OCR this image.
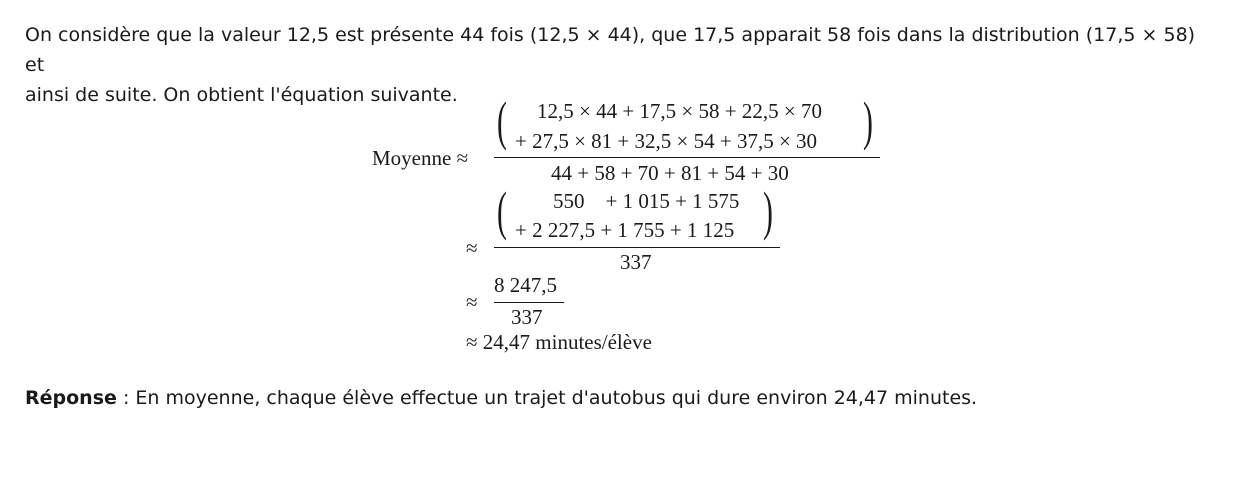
On considère que la valeur 12,5 est présente 44 fois (12,5 × 44), que 17,5 apparait 58 fois dans la distribution (17,5 × 58) et

ainsi de suite. On obtient l'équation suivante.

Moyenne ≈
( 12,5 × 44 + 17,5 × 58 + 22,5 × 70
+ 27,5 × 81 + 32,5 × 54 + 37,5 × 30 )
44 + 58 + 70 + 81 + 54 + 30
≈
( 550    + 1 015 + 1 575
+ 2 227,5 + 1 755 + 1 125 )
337
≈
8 247,5
337
≈ 24,47 minutes/élève
Réponse : En moyenne, chaque élève effectue un trajet d'autobus qui dure environ 24,47 minutes.
